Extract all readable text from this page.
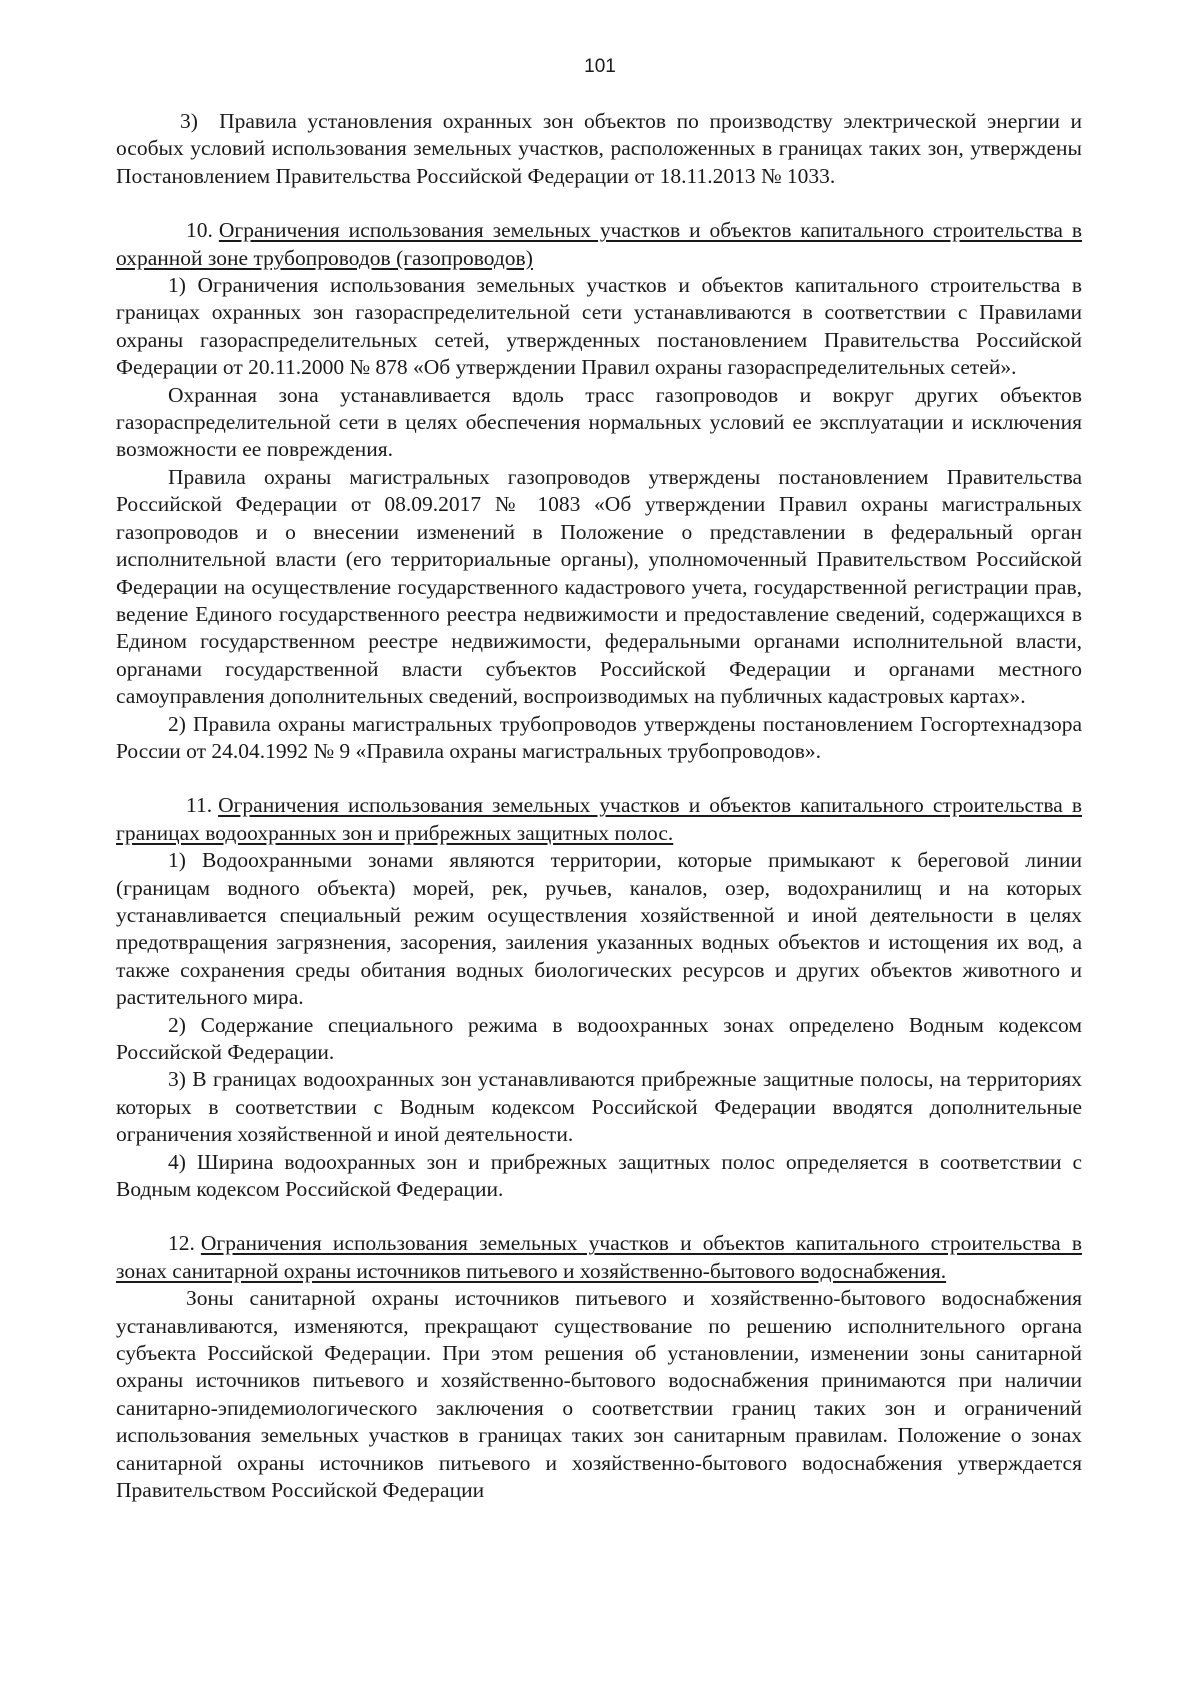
101

3)  Правила установления охранных зон объектов по производству электрической энергии и особых условий использования земельных участков, расположенных в границах таких зон, утверждены Постановлением Правительства Российской Федерации от 18.11.2013 № 1033.

10. Ограничения использования земельных участков и объектов капитального строительства в охранной зоне трубопроводов (газопроводов)

1) Ограничения использования земельных участков и объектов капитального строительства в границах охранных зон газораспределительной сети устанавливаются в соответствии с Правилами охраны газораспределительных сетей, утвержденных постановлением Правительства Российской Федерации от 20.11.2000 № 878 «Об утверждении Правил охраны газораспределительных сетей».

Охранная зона устанавливается вдоль трасс газопроводов и вокруг других объектов газораспределительной сети в целях обеспечения нормальных условий ее эксплуатации и исключения возможности ее повреждения.

Правила охраны магистральных газопроводов утверждены постановлением Правительства Российской Федерации от 08.09.2017 № 1083 «Об утверждении Правил охраны магистральных газопроводов и о внесении изменений в Положение о представлении в федеральный орган исполнительной власти (его территориальные органы), уполномоченный Правительством Российской Федерации на осуществление государственного кадастрового учета, государственной регистрации прав, ведение Единого государственного реестра недвижимости и предоставление сведений, содержащихся в Едином государственном реестре недвижимости, федеральными органами исполнительной власти, органами государственной власти субъектов Российской Федерации и органами местного самоуправления дополнительных сведений, воспроизводимых на публичных кадастровых картах».

2) Правила охраны магистральных трубопроводов утверждены постановлением Госгортехнадзора России от 24.04.1992 № 9 «Правила охраны магистральных трубопроводов».

11. Ограничения использования земельных участков и объектов капитального строительства в границах водоохранных зон и прибрежных защитных полос.

1) Водоохранными зонами являются территории, которые примыкают к береговой линии (границам водного объекта) морей, рек, ручьев, каналов, озер, водохранилищ и на которых устанавливается специальный режим осуществления хозяйственной и иной деятельности в целях предотвращения загрязнения, засорения, заиления указанных водных объектов и истощения их вод, а также сохранения среды обитания водных биологических ресурсов и других объектов животного и растительного мира.

2) Содержание специального режима в водоохранных зонах определено Водным кодексом Российской Федерации.

3) В границах водоохранных зон устанавливаются прибрежные защитные полосы, на территориях которых в соответствии с Водным кодексом Российской Федерации вводятся дополнительные ограничения хозяйственной и иной деятельности.

4) Ширина водоохранных зон и прибрежных защитных полос определяется в соответствии с Водным кодексом Российской Федерации.

12. Ограничения использования земельных участков и объектов капитального строительства в зонах санитарной охраны источников питьевого и хозяйственно-бытового водоснабжения.

Зоны санитарной охраны источников питьевого и хозяйственно-бытового водоснабжения устанавливаются, изменяются, прекращают существование по решению исполнительного органа субъекта Российской Федерации. При этом решения об установлении, изменении зоны санитарной охраны источников питьевого и хозяйственно-бытового водоснабжения принимаются при наличии санитарно-эпидемиологического заключения о соответствии границ таких зон и ограничений использования земельных участков в границах таких зон санитарным правилам. Положение о зонах санитарной охраны источников питьевого и хозяйственно-бытового водоснабжения утверждается Правительством Российской Федерации
